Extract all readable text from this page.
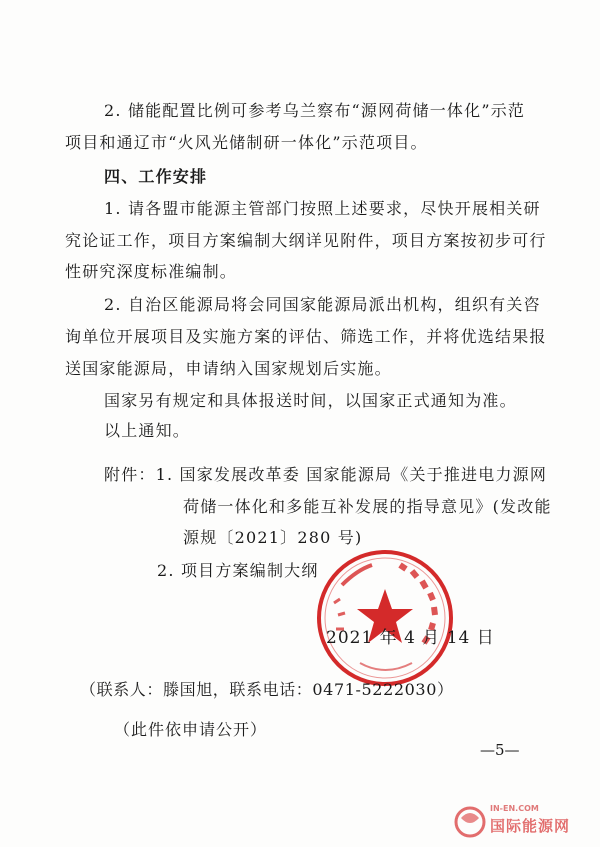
2. 储能配置比例可参考乌兰察布“源网荷储一体化”示范
项目和通辽市“火风光储制研一体化”示范项目。
四、工作安排
1. 请各盟市能源主管部门按照上述要求，尽快开展相关研
究论证工作，项目方案编制大纲详见附件，项目方案按初步可行
性研究深度标准编制。
2. 自治区能源局将会同国家能源局派出机构，组织有关咨
询单位开展项目及实施方案的评估、筛选工作，并将优选结果报
送国家能源局，申请纳入国家规划后实施。
国家另有规定和具体报送时间，以国家正式通知为准。
以上通知。
附件：1. 国家发展改革委 国家能源局《关于推进电力源网
荷储一体化和多能互补发展的指导意见》(发改能
源规〔2021〕280 号)
2. 项目方案编制大纲
2021 年 4 月 14 日
（联系人：滕国旭，联系电话：0471-5222030）
（此件依申请公开）
—5—
IN-EN.COM
国际能源网
